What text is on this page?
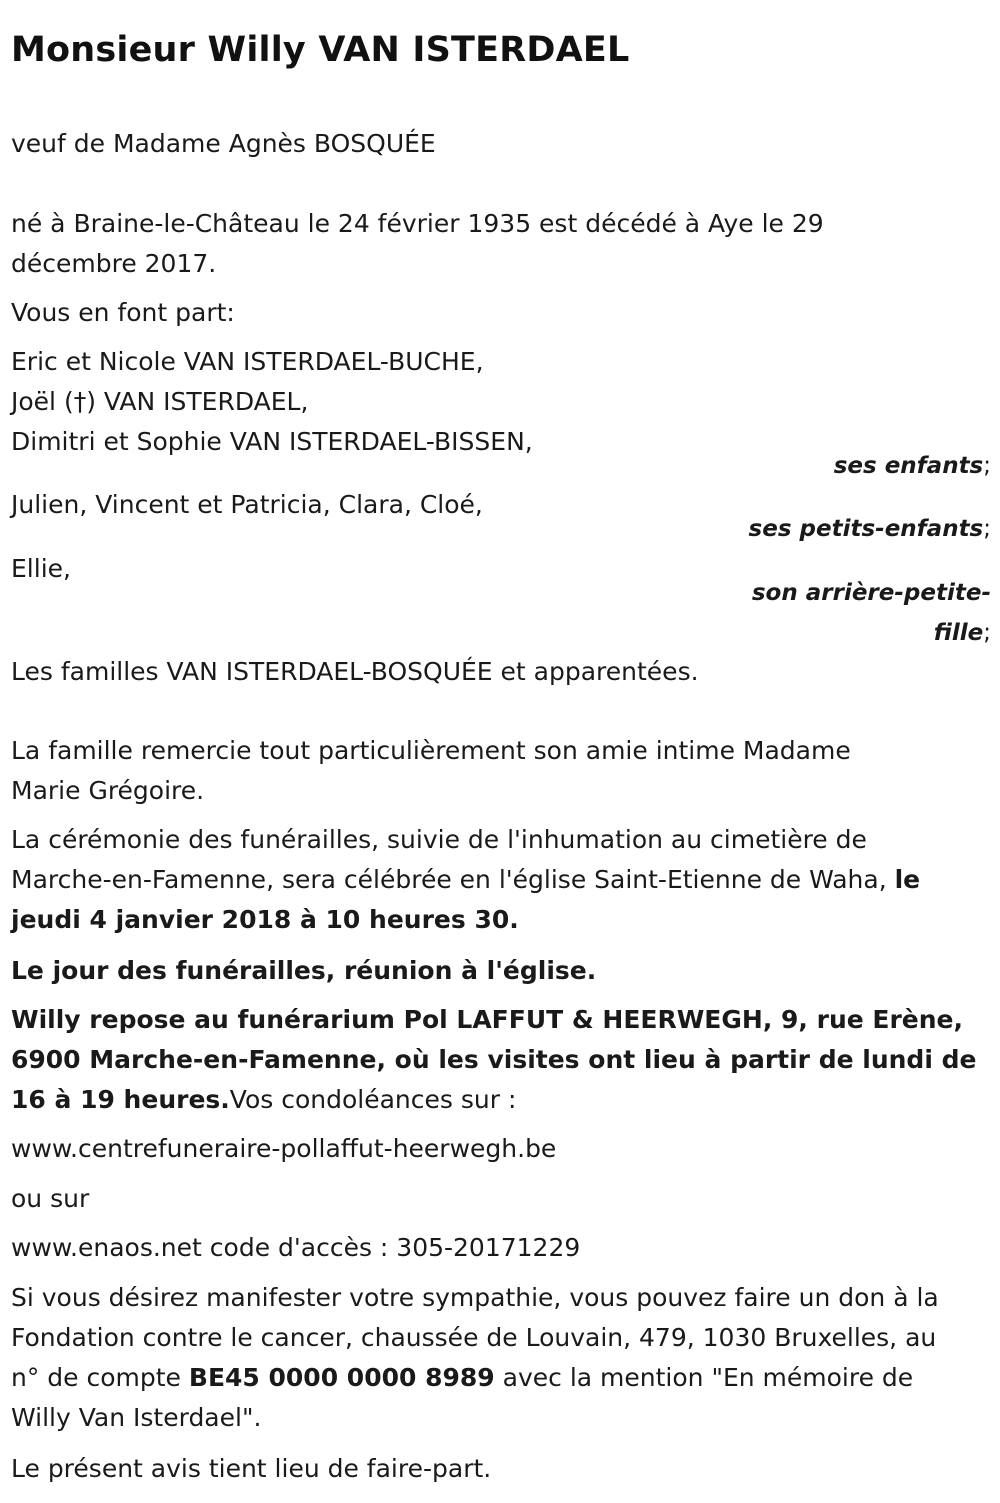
Monsieur Willy VAN ISTERDAEL

veuf de Madame Agnès BOSQUÉE

né à Braine-le-Château le 24 février 1935 est décédé à Aye le 29

décembre 2017.

Vous en font part:

Eric et Nicole VAN ISTERDAEL-BUCHE,

Joël (†) VAN ISTERDAEL,

Dimitri et Sophie VAN ISTERDAEL-BISSEN,

ses enfants;

Julien, Vincent et Patricia, Clara, Cloé,

ses petits-enfants;

Ellie,

son arrière-petite-

fille;

Les familles VAN ISTERDAEL-BOSQUÉE et apparentées.

La famille remercie tout particulièrement son amie intime Madame

Marie Grégoire.

La cérémonie des funérailles, suivie de l'inhumation au cimetière de

Marche-en-Famenne, sera célébrée en l'église Saint-Etienne de Waha, le

jeudi 4 janvier 2018 à 10 heures 30.

Le jour des funérailles, réunion à l'église.

Willy repose au funérarium Pol LAFFUT & HEERWEGH, 9, rue Erène,

6900 Marche-en-Famenne, où les visites ont lieu à partir de lundi de

16 à 19 heures.Vos condoléances sur :

www.centrefuneraire-pollaffut-heerwegh.be

ou sur

www.enaos.net code d'accès : 305-20171229

Si vous désirez manifester votre sympathie, vous pouvez faire un don à la

Fondation contre le cancer, chaussée de Louvain, 479, 1030 Bruxelles, au

n° de compte BE45 0000 0000 8989 avec la mention "En mémoire de

Willy Van Isterdael".

Le présent avis tient lieu de faire-part.
